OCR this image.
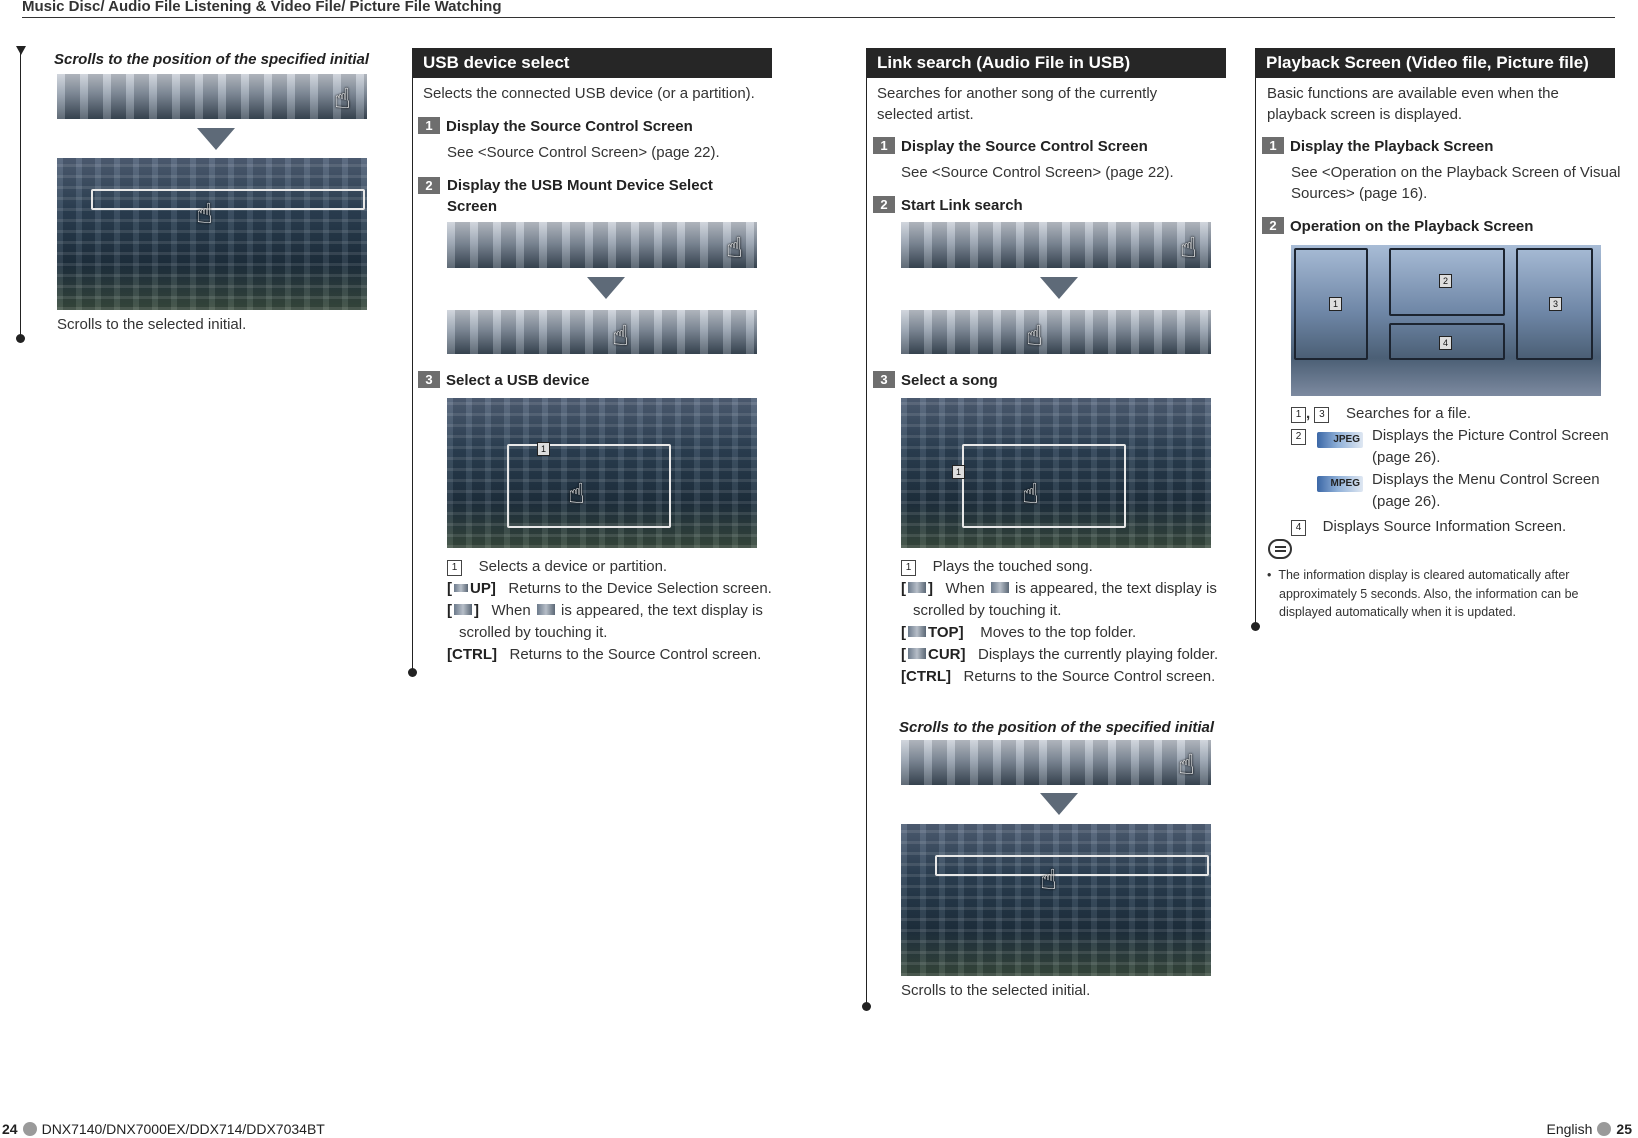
Music Disc/ Audio File Listening & Video File/ Picture File Watching
Scrolls to the position of the specified initial
☝
☝
Scrolls to the selected initial.
USB device select
Selects the connected USB device (or a partition).
1 Display the Source Control Screen
See <Source Control Screen> (page 22).
2 Display the USB Mount Device Select Screen
☝
☝
3 Select a USB device
1
☝
1 Selects a device or partition.
[ UP] Returns to the Device Selection screen.
[ ] When is appeared, the text display is scrolled by touching it.
[CTRL] Returns to the Source Control screen.
Link search (Audio File in USB)
Searches for another song of the currently selected artist.
1 Display the Source Control Screen
See <Source Control Screen> (page 22).
2 Start Link search
☝
☝
3 Select a song
1
☝
1 Plays the touched song.
[ ] When is appeared, the text display is scrolled by touching it.
[ TOP] Moves to the top folder.
[ CUR] Displays the currently playing folder.
[CTRL] Returns to the Source Control screen.
Scrolls to the position of the specified initial
☝
☝
Scrolls to the selected initial.
Playback Screen (Video file, Picture file)
Basic functions are available even when the playback screen is displayed.
1 Display the Playback Screen
See <Operation on the Playback Screen of Visual Sources> (page 16).
2 Operation on the Playback Screen
1
2
3
4
1 , 3 Searches for a file.
2	JPEG Displays the Picture Control Screen (page 26).
MPEG Displays the Menu Control Screen (page 26).
4 Displays Source Information Screen.
•  The information display is cleared automatically after approximately 5 seconds. Also, the information can be displayed automatically when it is updated.
24 DNX7140/DNX7000EX/DDX714/DDX7034BT	English 25
